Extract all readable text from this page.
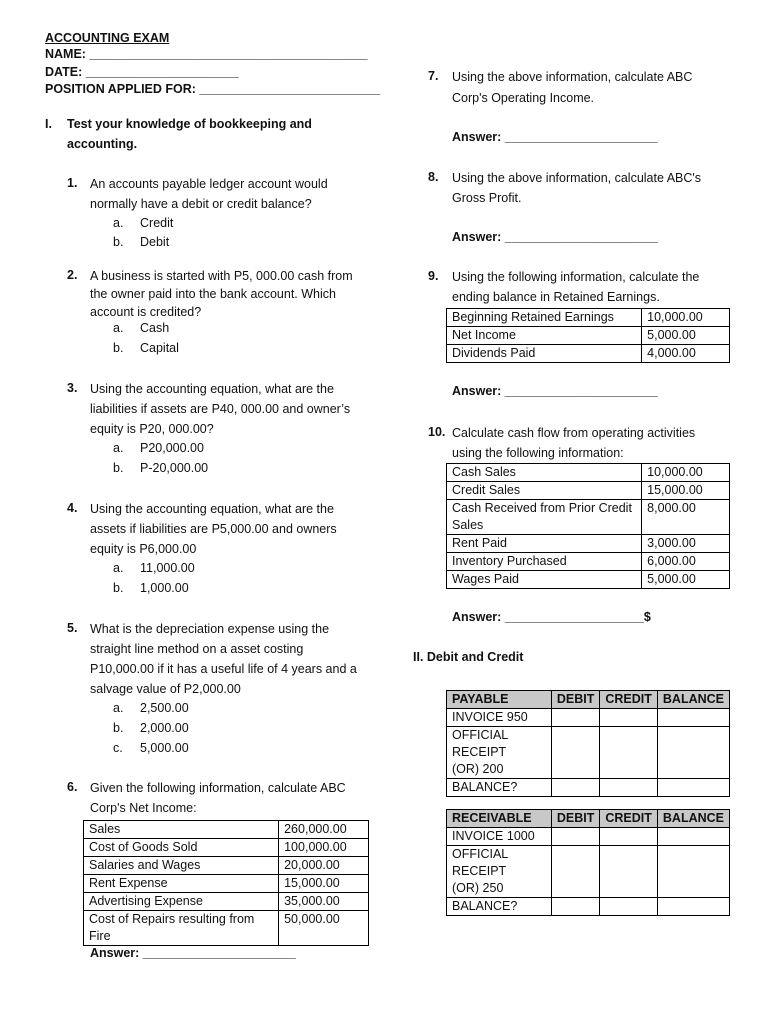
ACCOUNTING EXAM
NAME: ________________________________________
DATE: ______________________
POSITION APPLIED FOR: __________________________
I. Test your knowledge of bookkeeping and
accounting.
1. An accounts payable ledger account would
normally have a debit or credit balance?
a. Credit
b. Debit
2. A business is started with P5, 000.00 cash from
the owner paid into the bank account. Which
account is credited?
a. Cash
b. Capital
3. Using the accounting equation, what are the
liabilities if assets are P40, 000.00 and owner’s
equity is P20, 000.00?
a. P20,000.00
b. P-20,000.00
4. Using the accounting equation, what are the
assets if liabilities are P5,000.00 and owners
equity is P6,000.00
a. 11,000.00
b. 1,000.00
5. What is the depreciation expense using the
straight line method on a asset costing
P10,000.00 if it has a useful life of 4 years and a
salvage value of P2,000.00
a. 2,500.00
b. 2,000.00
c. 5,000.00
6. Given the following information, calculate ABC
Corp's Net Income:
Sales	260,000.00
Cost of Goods Sold	100,000.00
Salaries and Wages	20,000.00
Rent Expense	15,000.00
Advertising Expense	35,000.00

Cost of Repairs resulting from
Fire	50,000.00
Answer: ______________________
7. Using the above information, calculate ABC
Corp's Operating Income.
Answer: ______________________
8. Using the above information, calculate ABC's
Gross Profit.
Answer: ______________________
9. Using the following information, calculate the
ending balance in Retained Earnings.
Beginning Retained Earnings	10,000.00
Net Income	5,000.00
Dividends Paid	4,000.00
Answer: ______________________
10. Calculate cash flow from operating activities
using the following information:
Cash Sales	10,000.00
Credit Sales	15,000.00

Cash Received from Prior Credit
Sales	8,000.00
Rent Paid	3,000.00
Inventory Purchased	6,000.00
Wages Paid	5,000.00
Answer: ____________________$
II. Debit and Credit
PAYABLE	DEBIT	CREDIT	BALANCE
INVOICE 950			

OFFICIAL RECEIPT
(OR) 200			

BALANCE?			
RECEIVABLE	DEBIT	CREDIT	BALANCE
INVOICE 1000			

OFFICIAL RECEIPT
(OR) 250			

BALANCE?			
